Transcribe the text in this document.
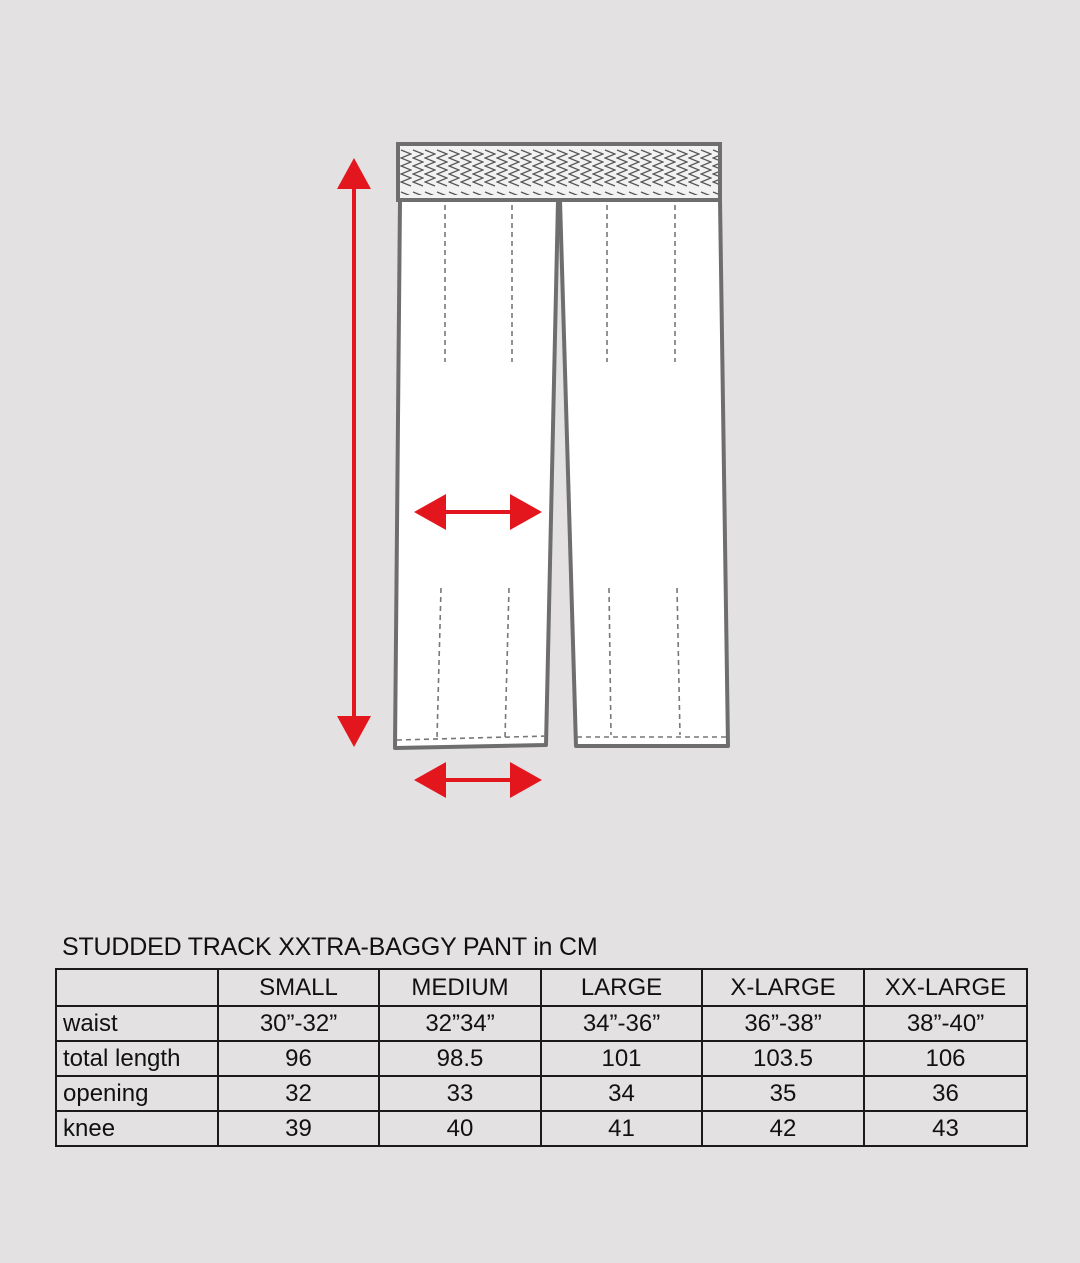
STUDDED TRACK XXTRA-BAGGY PANT in CM
	SMALL	MEDIUM	LARGE	X-LARGE	XX-LARGE
waist	30”-32”	32”34”	34”-36”	36”-38”	38”-40”
total length	96	98.5	101	103.5	106
opening	32	33	34	35	36
knee	39	40	41	42	43
